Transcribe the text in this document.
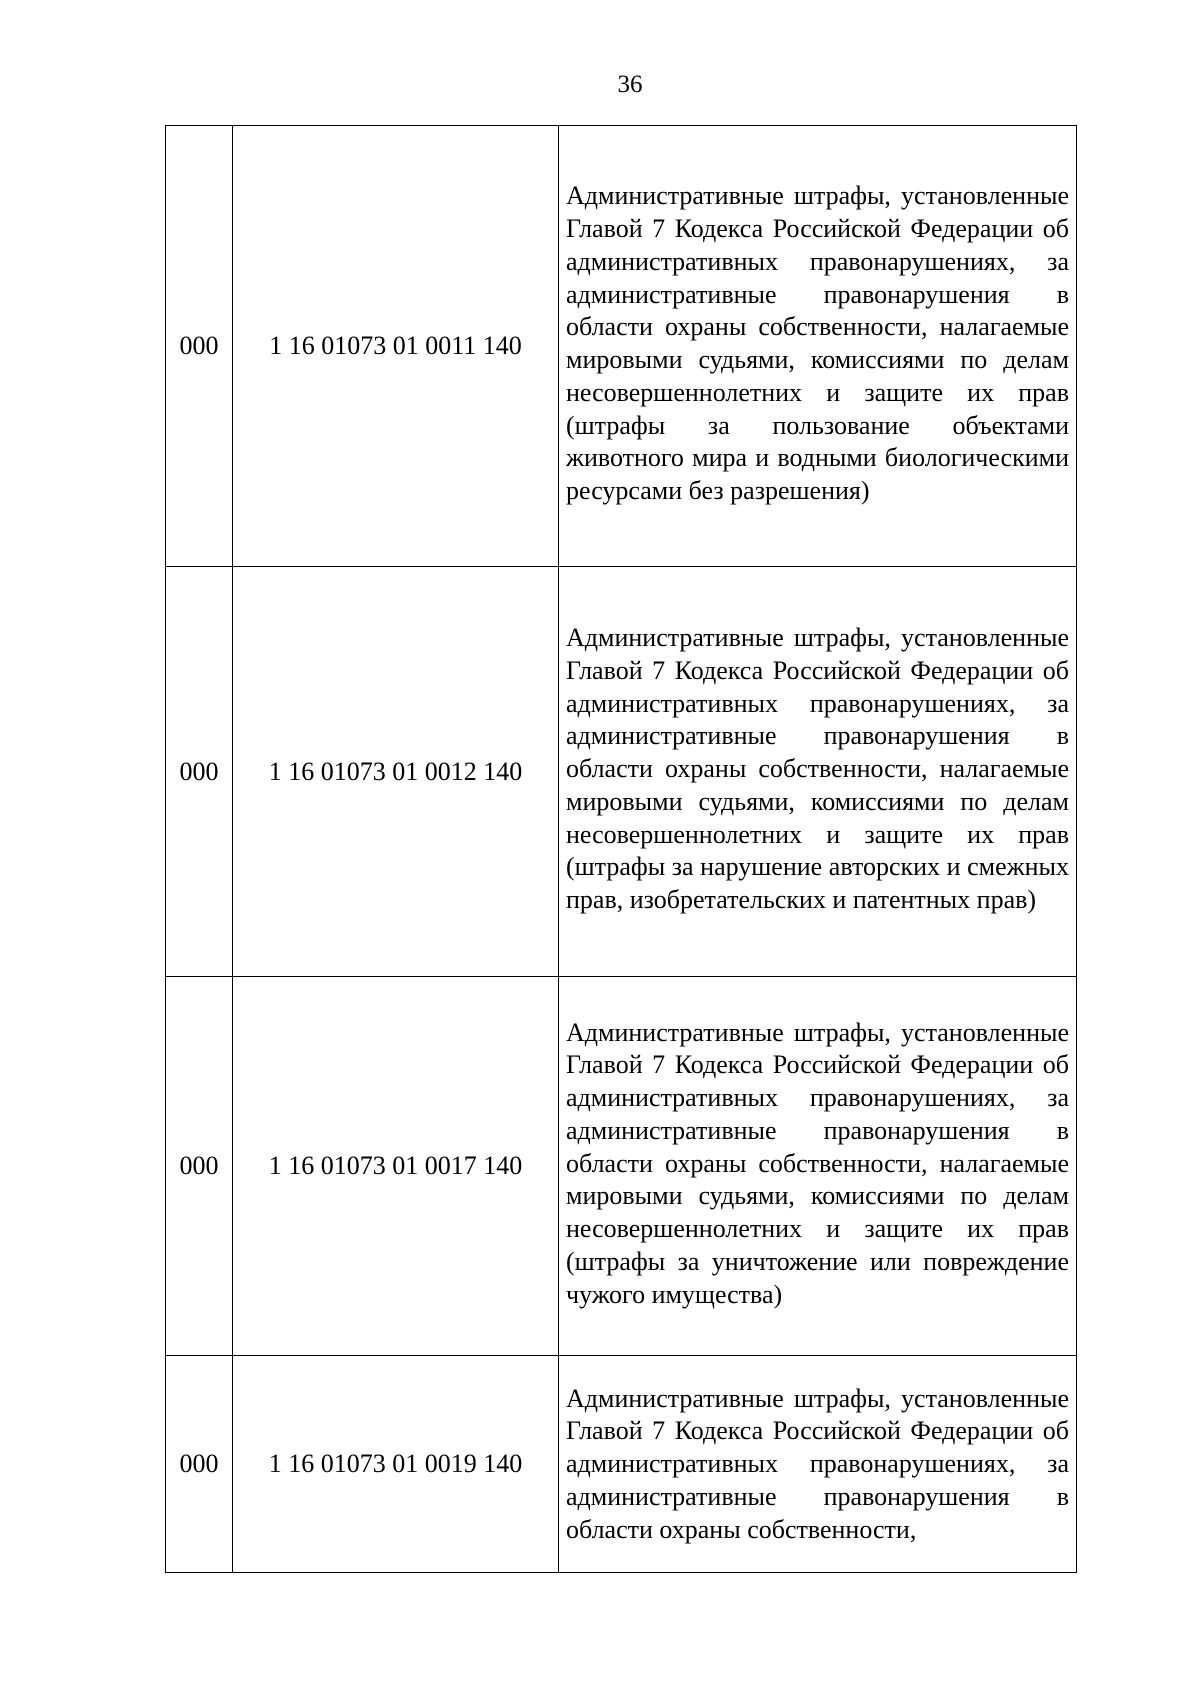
36
000	1 16 01073 01 0011 140	Административные штрафы, установленные Главой 7 Кодекса Российской Федерации об административных правонарушениях, за административные правонарушения в области охраны собственности, налагаемые мировыми судьями, комиссиями по делам несовершеннолетних и защите их прав (штрафы за пользование объектами животного мира и водными биологическими ресурсами без разрешения)

000	1 16 01073 01 0012 140	Административные штрафы, установленные Главой 7 Кодекса Российской Федерации об административных правонарушениях, за административные правонарушения в области охраны собственности, налагаемые мировыми судьями, комиссиями по делам несовершеннолетних и защите их прав (штрафы за нарушение авторских и смежных прав, изобретательских и патентных прав)

000	1 16 01073 01 0017 140	Административные штрафы, установленные Главой 7 Кодекса Российской Федерации об административных правонарушениях, за административные правонарушения в области охраны собственности, налагаемые мировыми судьями, комиссиями по делам несовершеннолетних и защите их прав (штрафы за уничтожение или повреждение чужого имущества)

000	1 16 01073 01 0019 140	Административные штрафы, установленные Главой 7 Кодекса Российской Федерации об административных правонарушениях, за административные правонарушения в области охраны собственности,
